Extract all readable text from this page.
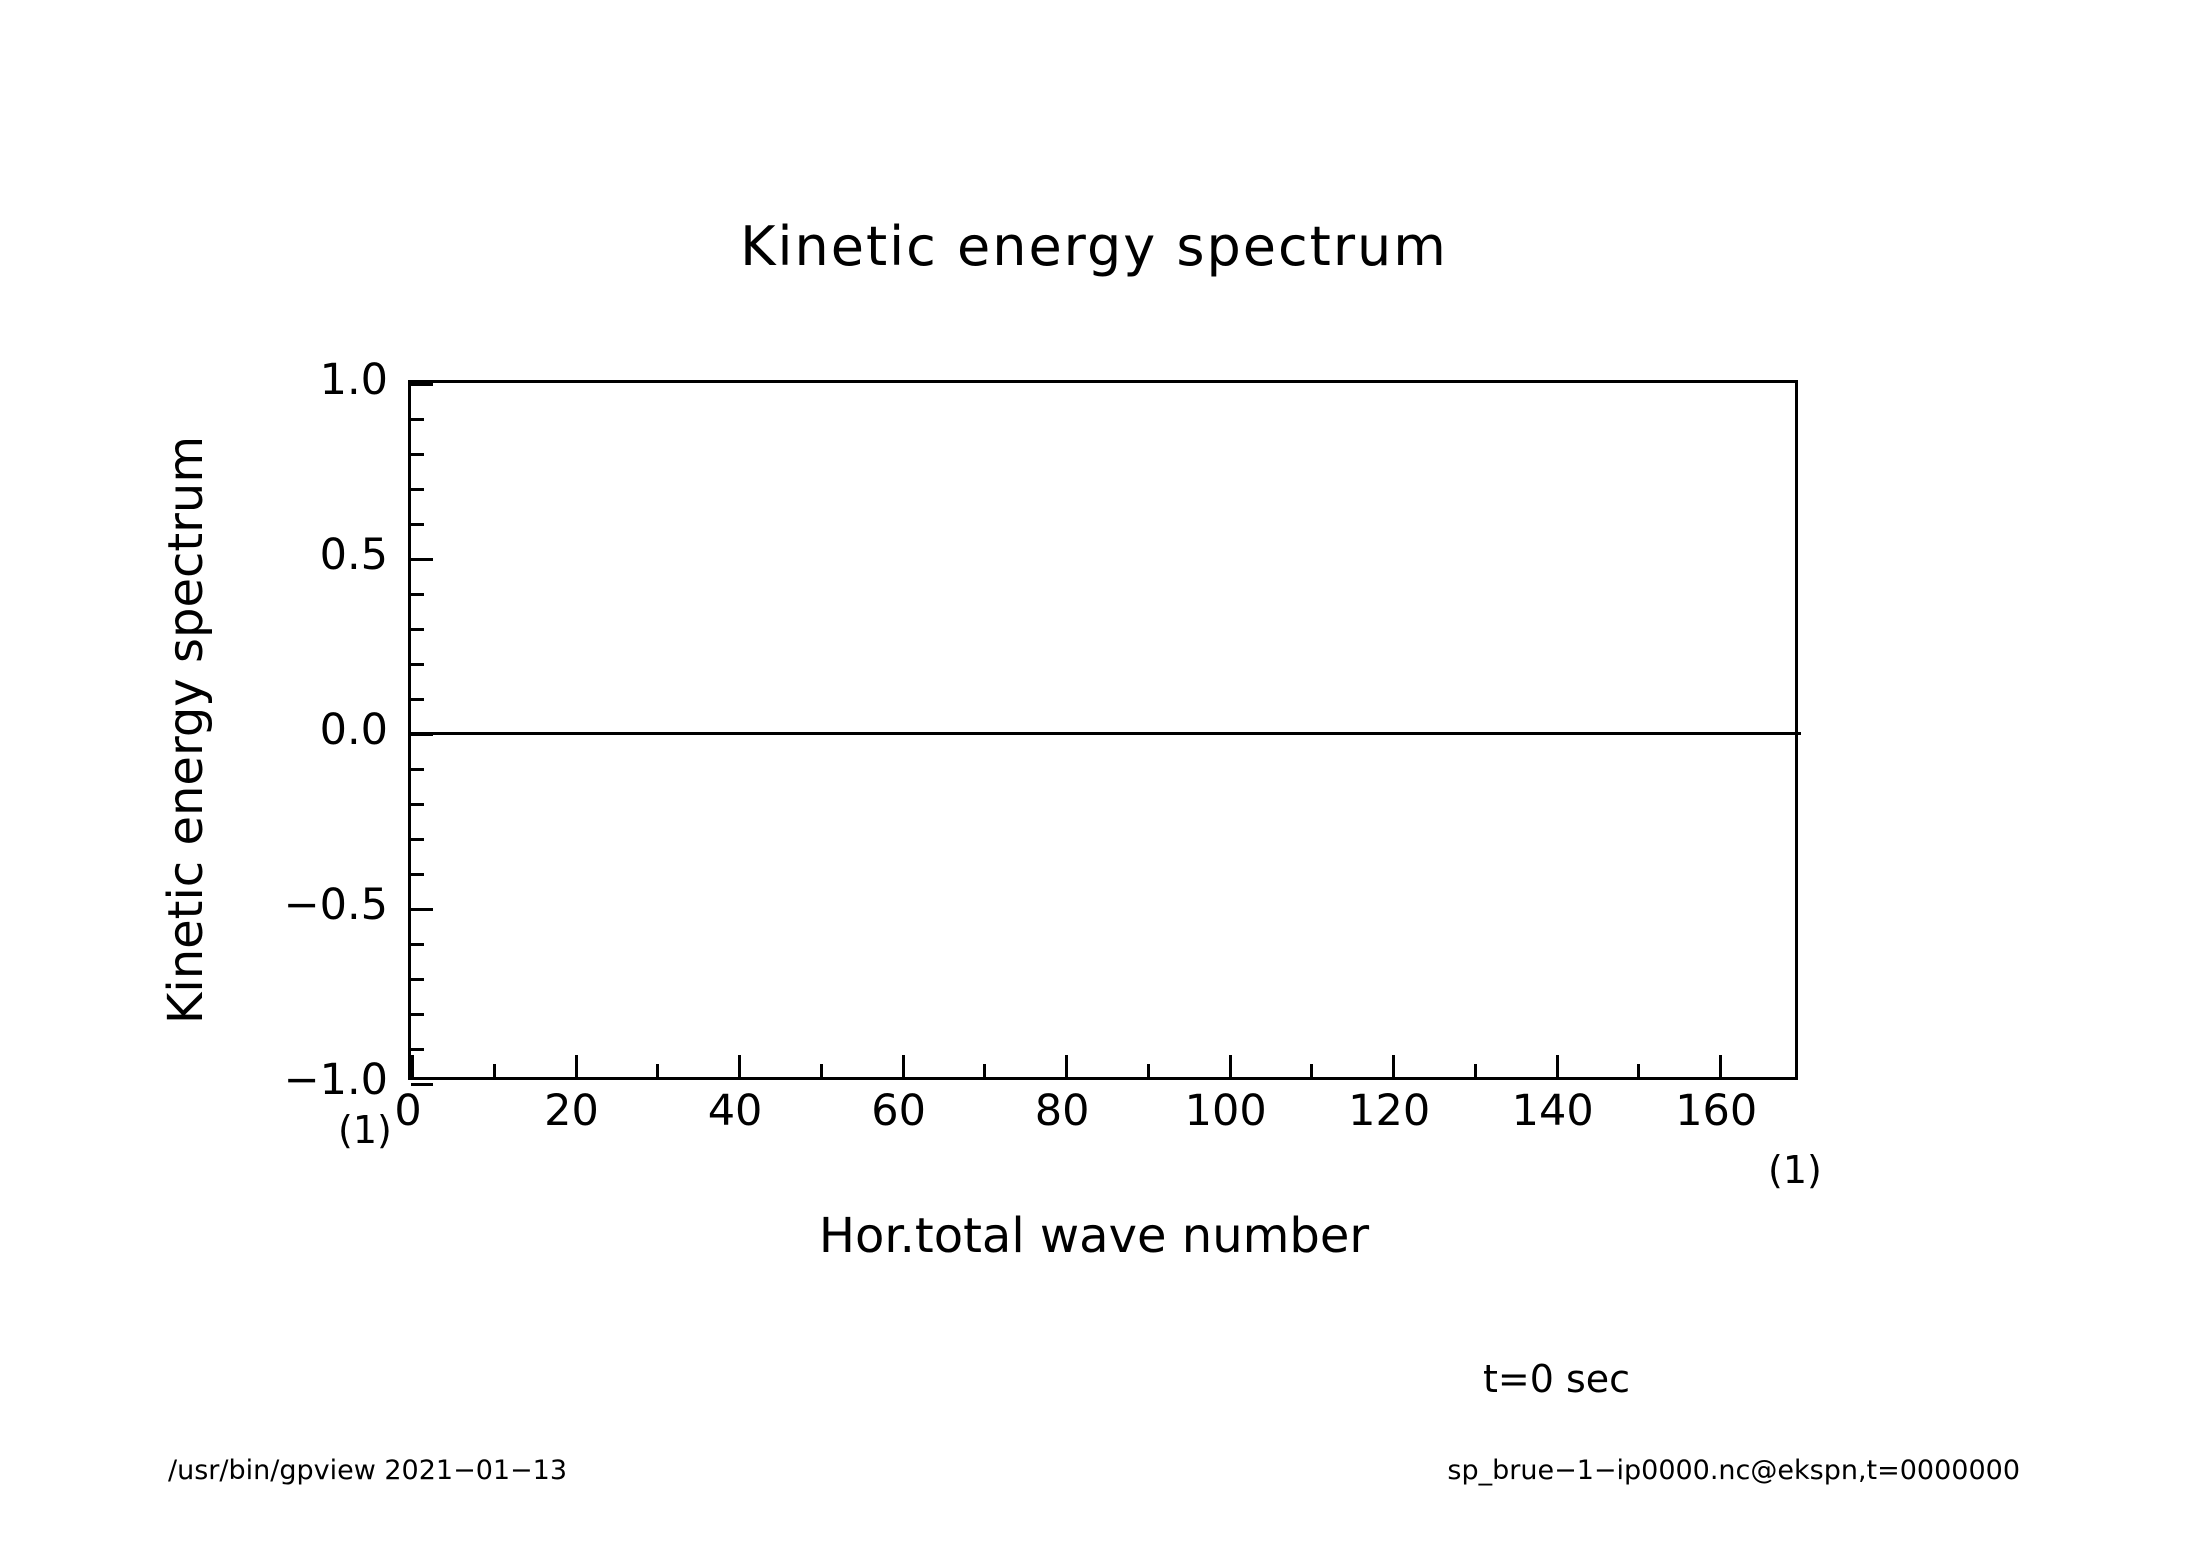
Kinetic energy spectrum
Kinetic energy spectrum
0	20	40	60	80 100 120 140 160
−1.0
−0.5
0.0
0.5
1.0
Hor.total wave number
(1)
(1)
t=0 sec
/usr/bin/gpview 2021−01−13	sp_brue−1−ip0000.nc@ekspn,t=0000000
